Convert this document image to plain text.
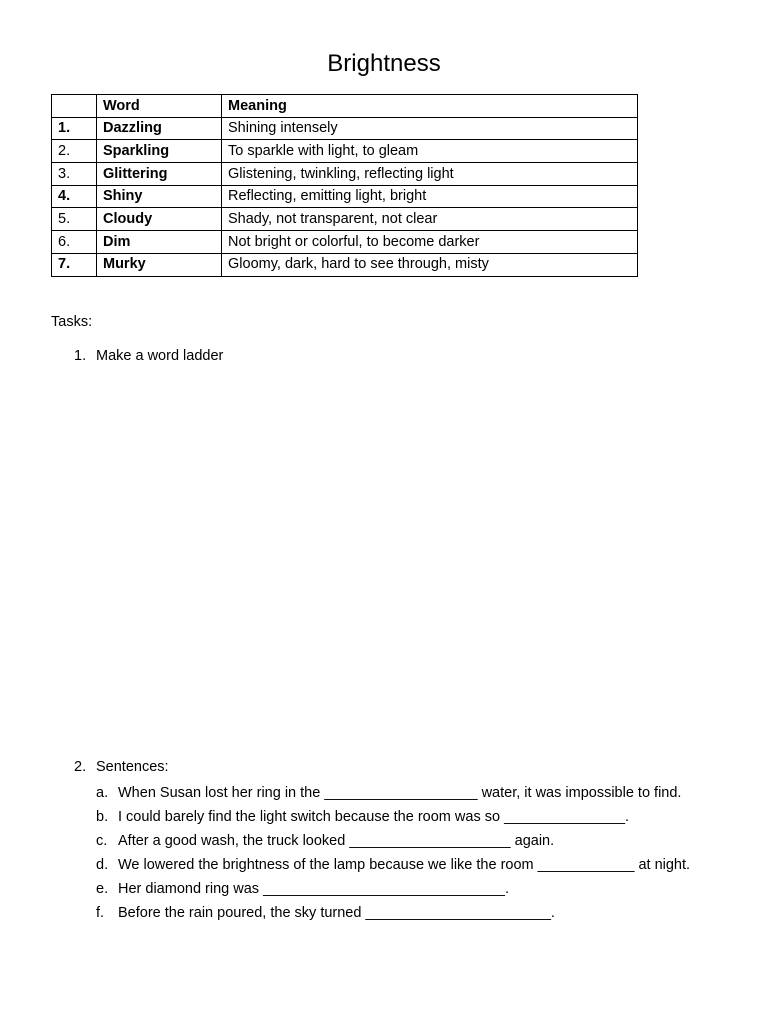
Brightness
	Word	Meaning
1.	Dazzling	Shining intensely
2.	Sparkling	To sparkle with light, to gleam
3.	Glittering	Glistening, twinkling, reflecting light
4.	Shiny	Reflecting, emitting light, bright
5.	Cloudy	Shady, not transparent, not clear
6.	Dim	Not bright or colorful, to become darker
7.	Murky	Gloomy, dark, hard to see through, misty
Tasks:
1. Make a word ladder
2. Sentences:
a. When Susan lost her ring in the ___________________ water, it was impossible to find.
b. I could barely find the light switch because the room was so _______________.
c. After a good wash, the truck looked ____________________ again.
d. We lowered the brightness of the lamp because we like the room ____________ at night.
e. Her diamond ring was ______________________________.
f. Before the rain poured, the sky turned _______________________.
